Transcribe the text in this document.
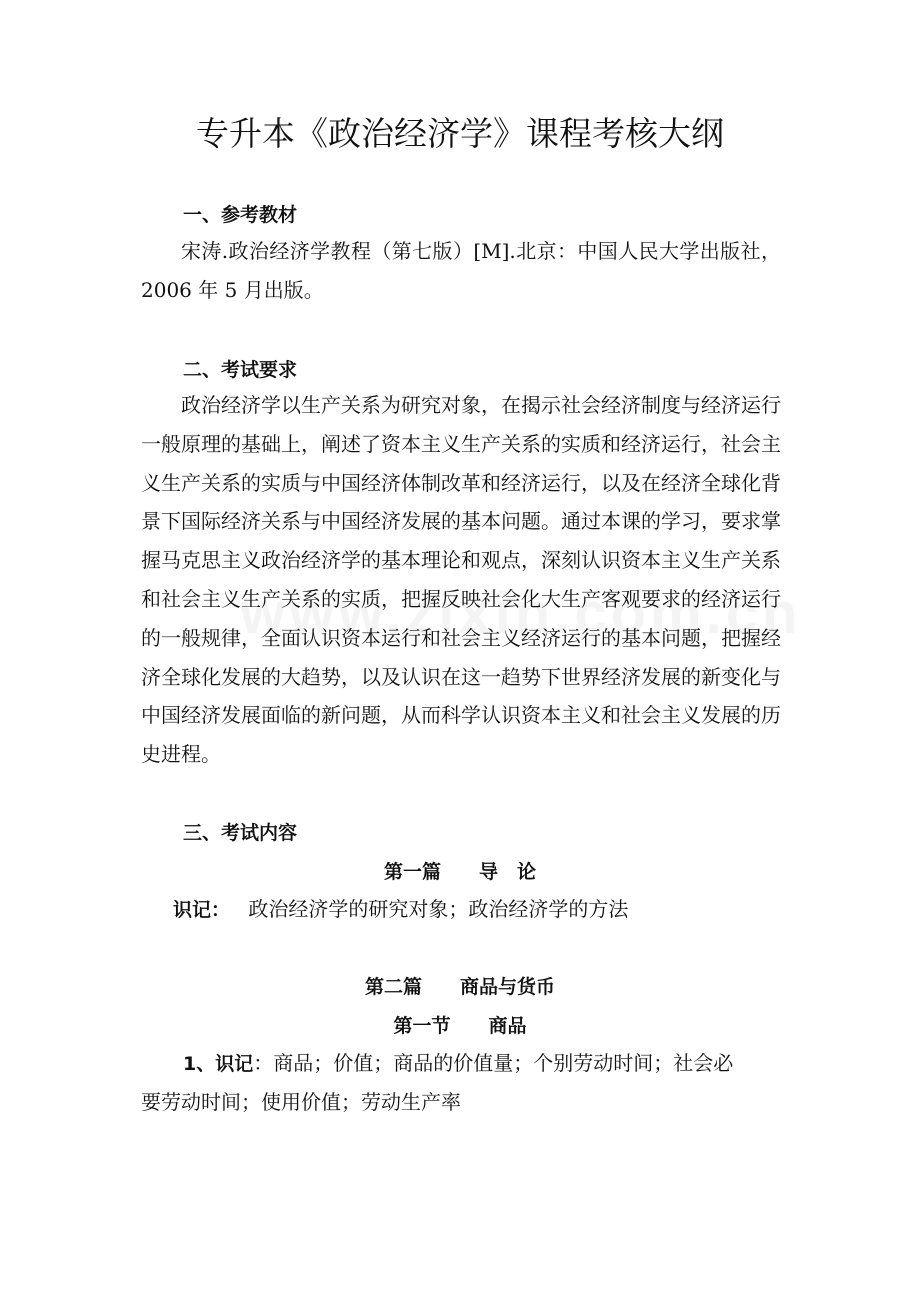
专升本《政治经济学》课程考核大纲
一、参考教材

宋涛.政治经济学教程（第七版）[M].北京：中国人民大学出版社，2006 年 5 月出版。

二、考试要求

政治经济学以生产关系为研究对象，在揭示社会经济制度与经济运行一般原理的基础上，阐述了资本主义生产关系的实质和经济运行，社会主义生产关系的实质与中国经济体制改革和经济运行，以及在经济全球化背景下国际经济关系与中国经济发展的基本问题。通过本课的学习，要求掌握马克思主义政治经济学的基本理论和观点，深刻认识资本主义生产关系和社会主义生产关系的实质，把握反映社会化大生产客观要求的经济运行的一般规律，全面认识资本运行和社会主义经济运行的基本问题，把握经济全球化发展的大趋势，以及认识在这一趋势下世界经济发展的新变化与中国经济发展面临的新问题，从而科学认识资本主义和社会主义发展的历史进程。

三、考试内容
第一篇　　导　论
识记： 政治经济学的研究对象；政治经济学的方法
第二篇　　商品与货币
第一节　　商品
1、识记：商品；价值；商品的价值量；个别劳动时间；社会必
要劳动时间；使用价值；劳动生产率
